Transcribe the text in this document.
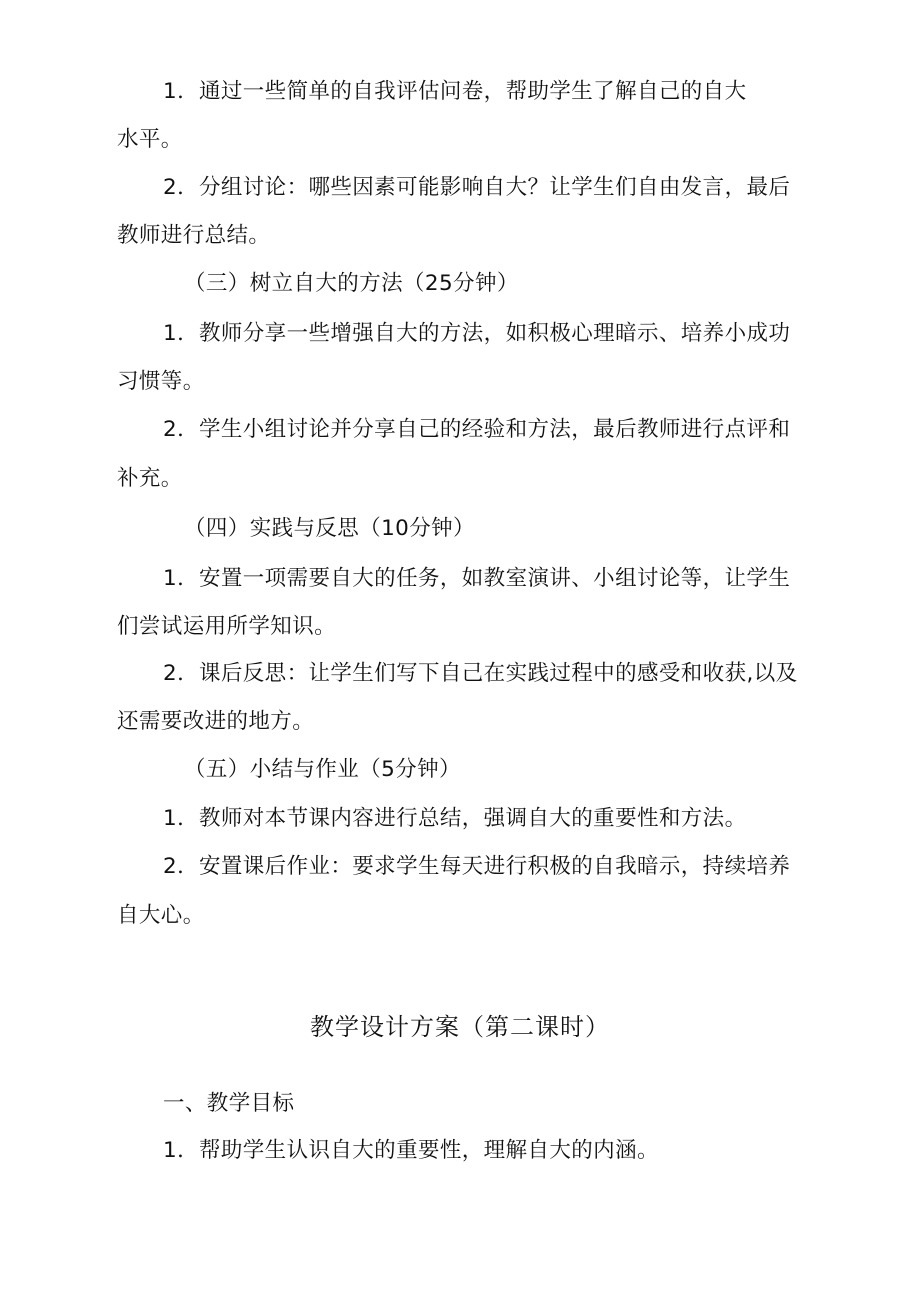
1．通过一些简单的自我评估问卷，帮助学生了解自己的自大
水平。
2．分组讨论：哪些因素可能影响自大？让学生们自由发言，最后
教师进行总结。
（三）树立自大的方法（25分钟）
1．教师分享一些增强自大的方法，如积极心理暗示、培养小成功
习惯等。
2．学生小组讨论并分享自己的经验和方法，最后教师进行点评和
补充。
（四）实践与反思（10分钟）
1．安置一项需要自大的任务，如教室演讲、小组讨论等，让学生
们尝试运用所学知识。
2．课后反思：让学生们写下自己在实践过程中的感受和收获,以及
还需要改进的地方。
（五）小结与作业（5分钟）
1．教师对本节课内容进行总结，强调自大的重要性和方法。
2．安置课后作业：要求学生每天进行积极的自我暗示，持续培养
自大心。
教学设计方案（第二课时）
一、教学目标
1．帮助学生认识自大的重要性，理解自大的内涵。
